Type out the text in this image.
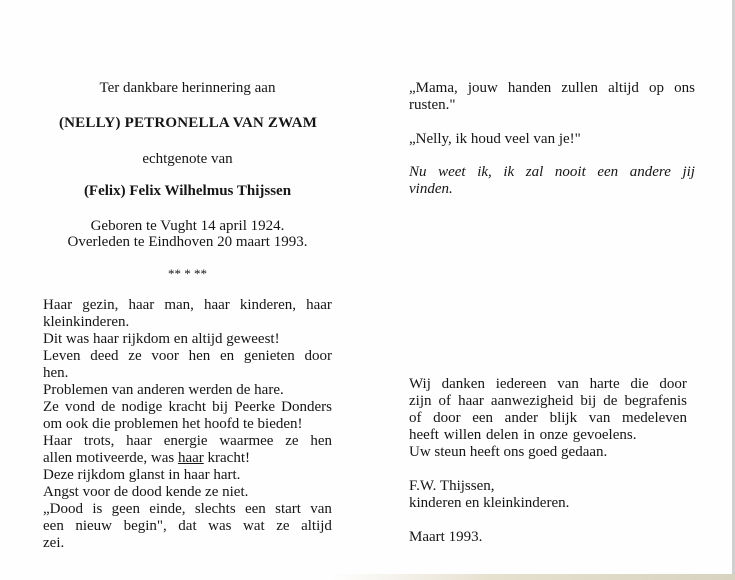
Ter dankbare herinnering aan
(NELLY) PETRONELLA VAN ZWAM
echtgenote van
(Felix) Felix Wilhelmus Thijssen
Geboren te Vught 14 april 1924.
Overleden te Eindhoven 20 maart 1993.
** * **
Haar gezin, haar man, haar kinderen, haar
kleinkinderen.
Dit was haar rijkdom en altijd geweest!
Leven deed ze voor hen en genieten door
hen.
Problemen van anderen werden de hare.
Ze vond de nodige kracht bij Peerke Donders
om ook die problemen het hoofd te bieden!
Haar trots, haar energie waarmee ze hen
allen motiveerde, was haar kracht!
Deze rijkdom glanst in haar hart.
Angst voor de dood kende ze niet.
„Dood is geen einde, slechts een start van
een nieuw begin", dat was wat ze altijd
zei.
„Mama, jouw handen zullen altijd op ons
rusten."
„Nelly, ik houd veel van je!"
Nu weet ik, ik zal nooit een andere jij
vinden.
Wij danken iedereen van harte die door
zijn of haar aanwezigheid bij de begrafenis
of door een ander blijk van medeleven
heeft willen delen in onze gevoelens.
Uw steun heeft ons goed gedaan.
F.W. Thijssen,
kinderen en kleinkinderen.
Maart 1993.
